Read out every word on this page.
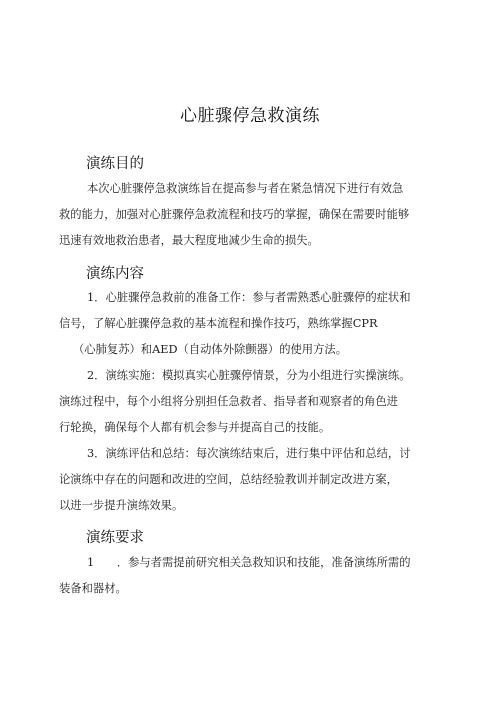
心脏骤停急救演练
演练目的
本次心脏骤停急救演练旨在提高参与者在紧急情况下进行有效急
救的能力，加强对心脏骤停急救流程和技巧的掌握，确保在需要时能够
迅速有效地救治患者，最大程度地减少生命的损失。
演练内容
1．心脏骤停急救前的准备工作：参与者需熟悉心脏骤停的症状和
信号，了解心脏骤停急救的基本流程和操作技巧，熟练掌握CPR
（心肺复苏）和AED（自动体外除颤器）的使用方法。
2．演练实施：模拟真实心脏骤停情景，分为小组进行实操演练。
演练过程中，每个小组将分别担任急救者、指导者和观察者的角色进
行轮换，确保每个人都有机会参与并提高自己的技能。
3．演练评估和总结：每次演练结束后，进行集中评估和总结，讨
论演练中存在的问题和改进的空间，总结经验教训并制定改进方案，
以进一步提升演练效果。
演练要求
1　　．参与者需提前研究相关急救知识和技能，准备演练所需的
装备和器材。
